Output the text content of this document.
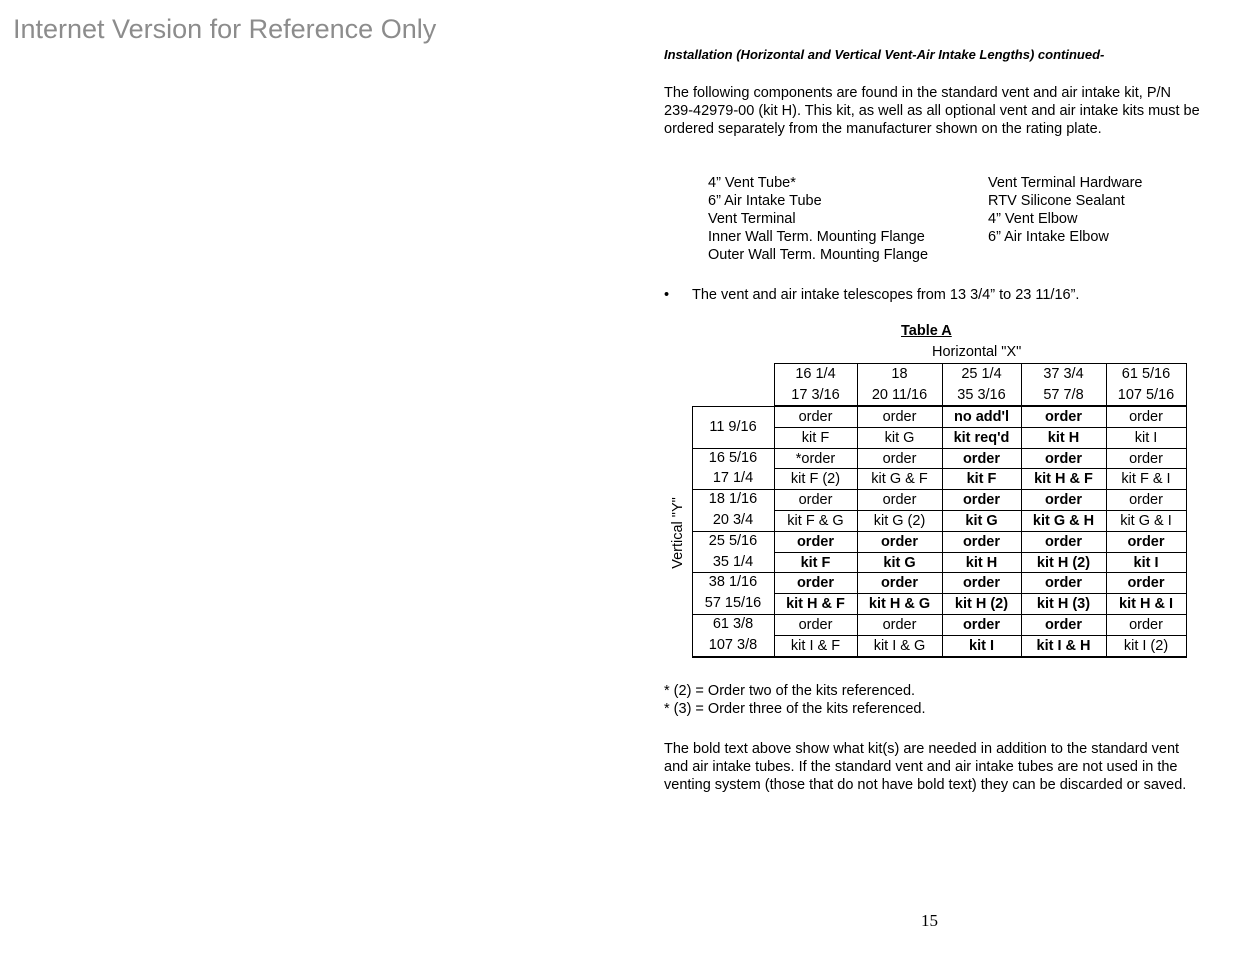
Internet Version for Reference Only
Installation (Horizontal and Vertical Vent-Air Intake Lengths) continued-
The following components are found in the standard vent and air intake kit, P/N 239-42979-00 (kit H). This kit, as well as all optional vent and air intake kits must be ordered separately from the manufacturer shown on the rating plate.
4” Vent Tube*
6” Air Intake Tube
Vent Terminal
Inner Wall Term. Mounting Flange
Outer Wall Term. Mounting Flange
Vent Terminal Hardware
RTV Silicone Sealant
4” Vent Elbow
6” Air Intake Elbow
• The vent and air intake telescopes from 13 3/4” to 23 11/16”.
Table A
Horizontal "X"
Vertical "Y"
16 1/4
17 3/16
18
20 11/16
25 1/4
35 3/16
37 3/4
57 7/8
61 5/16
107 5/16
11 9/16
order
kit F
order
kit G
no add'l
kit req'd
order
kit H
order
kit I
16 5/16
17 1/4
*order
kit F (2)
order
kit G & F
order
kit F
order
kit H & F
order
kit F & I
18 1/16
20 3/4
order
kit F & G
order
kit G (2)
order
kit G
order
kit G & H
order
kit G & I
25 5/16
35 1/4
order
kit F
order
kit G
order
kit H
order
kit H (2)
order
kit I
38 1/16
57 15/16
order
kit H & F
order
kit H & G
order
kit H (2)
order
kit H (3)
order
kit H & I
61 3/8
107 3/8
order
kit I & F
order
kit I & G
order
kit I
order
kit I & H
order
kit I (2)
* (2) = Order two of the kits referenced.
* (3) = Order three of the kits referenced.
The bold text above show what kit(s) are needed in addition to the standard vent and air intake tubes. If the standard vent and air intake tubes are not used in the venting system (those that do not have bold text) they can be discarded or saved.
15
